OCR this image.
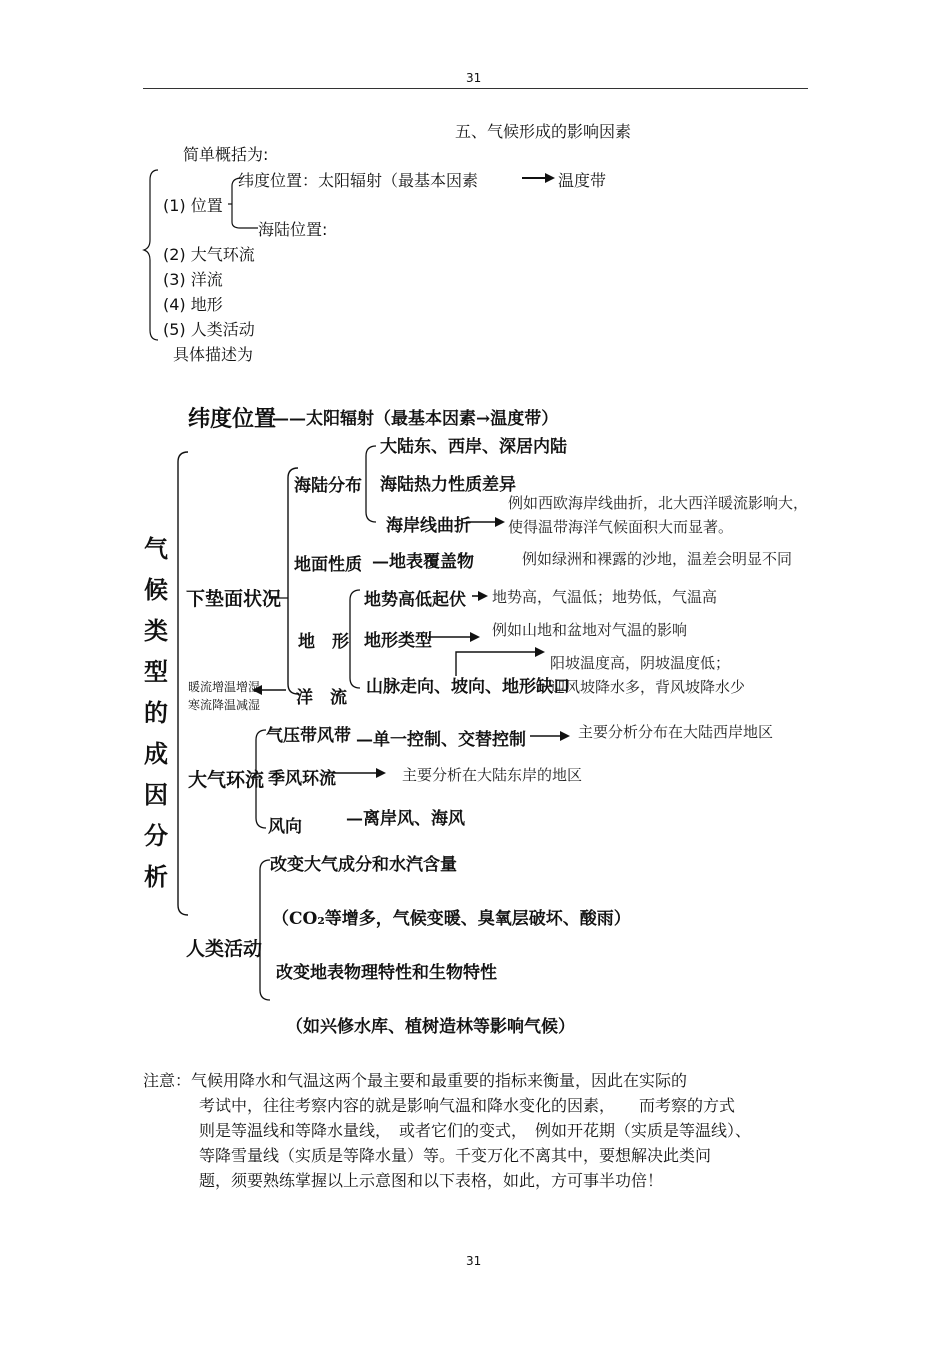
31
五、气候形成的影响因素
简单概括为:
纬度位置：太阳辐射（最基本因素	温度带
(1) 位置
海陆位置:
(2) 大气环流
(3) 洋流
(4) 地形
(5) 人类活动
具体描述为
气候类型的成因分析
纬度位置
——太阳辐射（最基本因素→温度带）
下垫面状况
海陆分布
大陆东、西岸、深居内陆
海陆热力性质差异
海岸线曲折
例如西欧海岸线曲折，北大西洋暖流影响大，
使得温带海洋气候面积大而显著。
地面性质 —地表覆盖物	例如绿洲和裸露的沙地，温差会明显不同
地　形
地势高低起伏 地势高，气温低；地势低，气温高
地形类型
例如山地和盆地对气温的影响
山脉走向、坡向、地形缺口
阳坡温度高，阴坡温度低；
迎风坡降水多，背风坡降水少
洋　流
暖流增温增湿
寒流降温减湿
大气环流
气压带风带 —单一控制、交替控制	主要分析分布在大陆西岸地区
季风环流	主要分析在大陆东岸的地区
风向	—离岸风、海风
人类活动
改变大气成分和水汽含量
（CO₂等增多，气候变暖、臭氧层破坏、酸雨）
改变地表物理特性和生物特性
（如兴修水库、植树造林等影响气候）
注意：气候用降水和气温这两个最主要和最重要的指标来衡量，因此在实际的
考试中，往往考察内容的就是影响气温和降水变化的因素，　　而考察的方式
则是等温线和等降水量线，　或者它们的变式，　例如开花期（实质是等温线）、
等降雪量线（实质是等降水量）等。千变万化不离其中，要想解决此类问
题，须要熟练掌握以上示意图和以下表格，如此，方可事半功倍！
31
